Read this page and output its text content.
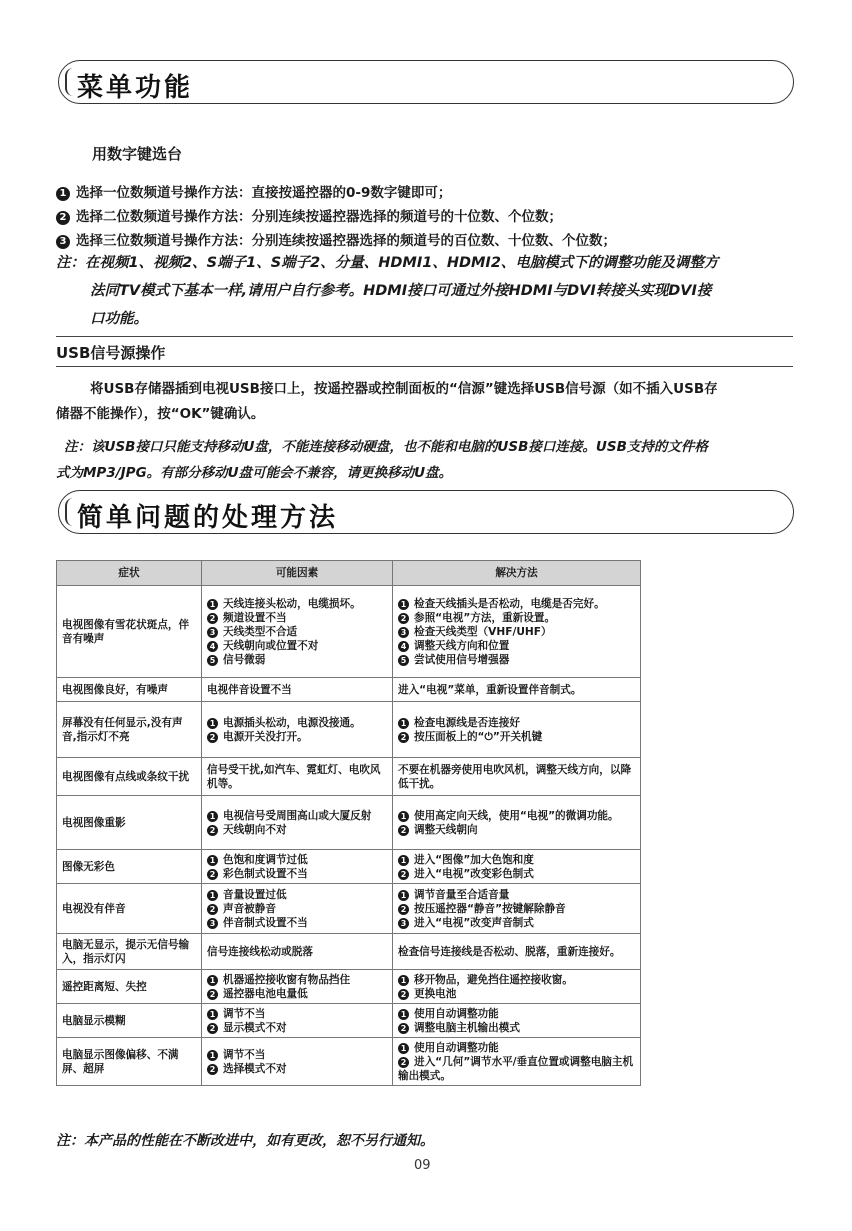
菜单功能
用数字键选台
1 选择一位数频道号操作方法：直接按遥控器的0-9数字键即可；
2 选择二位数频道号操作方法：分别连续按遥控器选择的频道号的十位数、个位数；
3 选择三位数频道号操作方法：分别连续按遥控器选择的频道号的百位数、十位数、个位数；
注：在视频1、视频2、S端子1、S端子2、分量、HDMI1、HDMI2、电脑模式下的调整功能及调整方
法同TV模式下基本一样,请用户自行参考。HDMI接口可通过外接HDMI与DVI转接头实现DVI接
口功能。
USB信号源操作
将USB存储器插到电视USB接口上，按遥控器或控制面板的“信源”键选择USB信号源（如不插入USB存
储器不能操作），按“OK”键确认。
注：该USB接口只能支持移动U盘，不能连接移动硬盘，也不能和电脑的USB接口连接。USB支持的文件格
式为MP3/JPG。有部分移动U盘可能会不兼容，请更换移动U盘。
简单问题的处理方法
症状	可能因素	解决方法
电视图像有雪花状斑点，伴音有噪声	1 天线连接头松动，电缆损坏。
2 频道设置不当
3 天线类型不合适
4 天线朝向或位置不对
5 信号微弱	1 检查天线插头是否松动，电缆是否完好。
2 参照“电视”方法，重新设置。
3 检查天线类型（VHF/UHF）
4 调整天线方向和位置
5 尝试使用信号增强器

电视图像良好，有噪声	电视伴音设置不当	进入“电视”菜单，重新设置伴音制式。

屏幕没有任何显示,没有声音,指示灯不亮	1 电源插头松动，电源没接通。
2 电源开关没打开。	1 检查电源线是否连接好
2 按压面板上的“⏻”开关机键

电视图像有点线或条纹干扰	信号受干扰,如汽车、霓虹灯、电吹风机等。	不要在机器旁使用电吹风机，调整天线方向，以降低干扰。

电视图像重影	1 电视信号受周围高山或大厦反射
2 天线朝向不对	1 使用高定向天线，使用“电视”的微调功能。
2 调整天线朝向

图像无彩色	1 色饱和度调节过低
2 彩色制式设置不当	1 进入“图像”加大色饱和度
2 进入“电视”改变彩色制式

电视没有伴音	1 音量设置过低
2 声音被静音
3 伴音制式设置不当	1 调节音量至合适音量
2 按压遥控器“静音”按键解除静音
3 进入“电视”改变声音制式

电脑无显示，提示无信号输入，指示灯闪	信号连接线松动或脱落	检查信号连接线是否松动、脱落，重新连接好。

遥控距离短、失控	1 机器遥控接收窗有物品挡住
2 遥控器电池电量低	1 移开物品，避免挡住遥控接收窗。
2 更换电池

电脑显示模糊	1 调节不当
2 显示模式不对	1 使用自动调整功能
2 调整电脑主机输出模式

电脑显示图像偏移、不满屏、超屏	1 调节不当
2 选择模式不对	1 使用自动调整功能
2 进入“几何”调节水平/垂直位置或调整电脑主机输出模式。
注：本产品的性能在不断改进中，如有更改，恕不另行通知。
09
